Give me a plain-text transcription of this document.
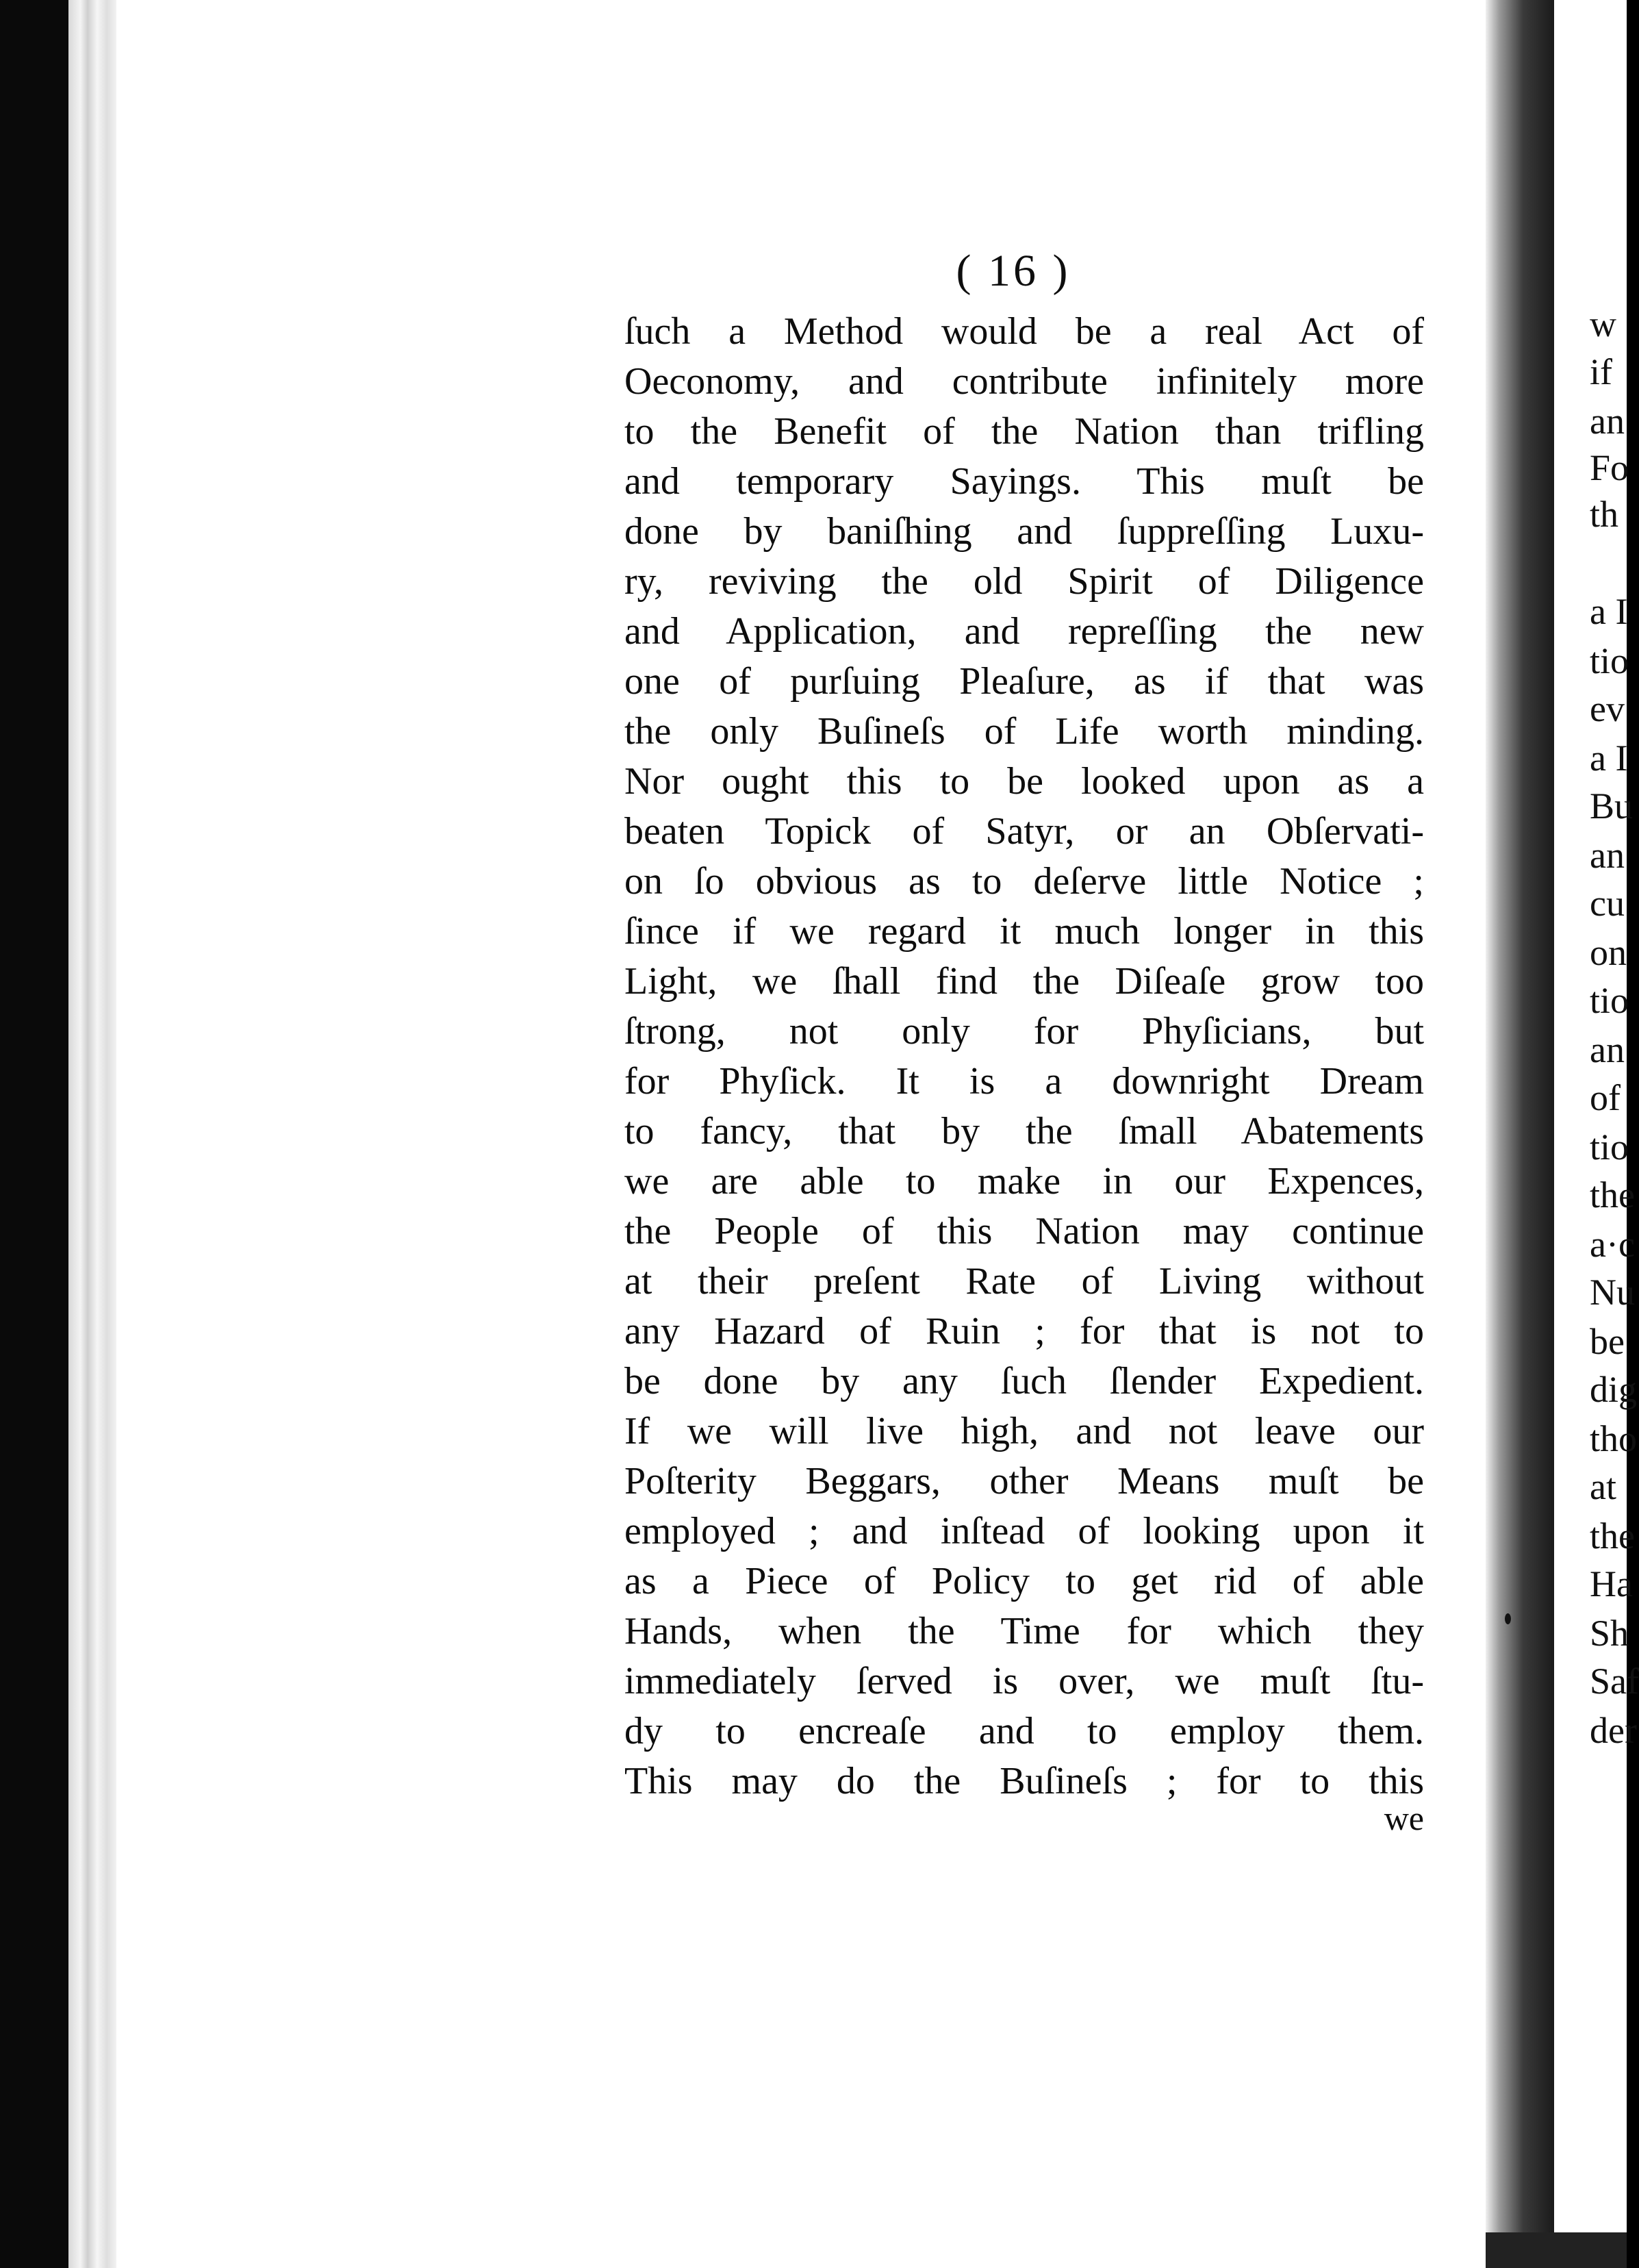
( 16 )
ſuch a Method would be a real Act of
Oeconomy, and contribute infinitely more
to the Benefit of the Nation than trifling
and temporary Sayings. This muſt be
done by baniſhing and ſuppreſſing Luxu-
ry, reviving the old Spirit of Diligence
and Application, and repreſſing the new
one of purſuing Pleaſure, as if that was
the only Buſineſs of Life worth minding.
Nor ought this to be looked upon as a
beaten Topick of Satyr, or an Obſervati-
on ſo obvious as to deſerve little Notice ;
ſince if we regard it much longer in this
Light, we ſhall find the Diſeaſe grow too
ſtrong, not only for Phyſicians, but
for Phyſick. It is a downright Dream
to fancy, that by the ſmall Abatements
we are able to make in our Expences,
the People of this Nation may continue
at their preſent Rate of Living without
any Hazard of Ruin ; for that is not to
be done by any ſuch ſlender Expedient.
If we will live high, and not leave our
Poſterity Beggars, other Means muſt be
employed ; and inſtead of looking upon it
as a Piece of Policy to get rid of able
Hands, when the Time for which they
immediately ſerved is over, we muſt ſtu-
dy to encreaſe and to employ them.
This may do the Buſineſs ; for to this
we
w
if
an
Fo
th
a I
tio
ev
a I
Bu
an
cu
on
tio
an
of
tio
the
a·c
Nu
be
dig
tho
at
the
Ha
Sh
Saf
der
